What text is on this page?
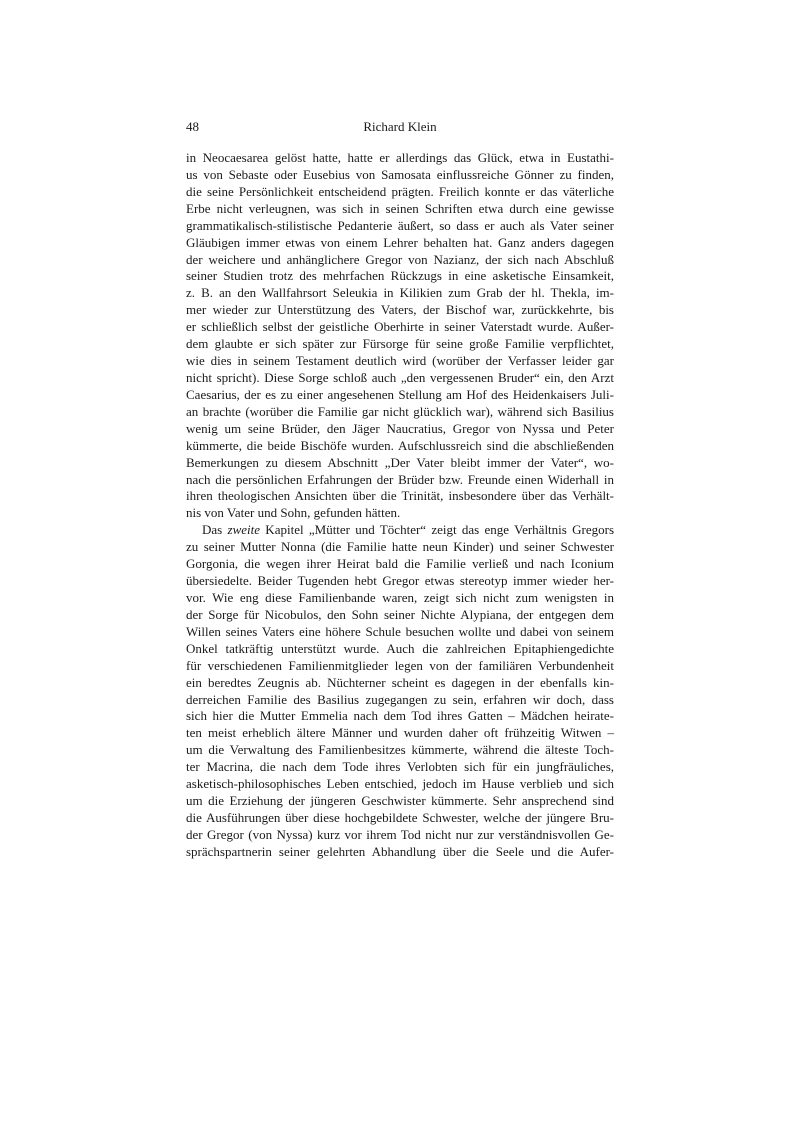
48	Richard Klein
in Neocaesarea gelöst hatte, hatte er allerdings das Glück, etwa in Eustathi-
us von Sebaste oder Eusebius von Samosata einflussreiche Gönner zu finden,
die seine Persönlichkeit entscheidend prägten. Freilich konnte er das väterliche
Erbe nicht verleugnen, was sich in seinen Schriften etwa durch eine gewisse
grammatikalisch-stilistische Pedanterie äußert, so dass er auch als Vater seiner
Gläubigen immer etwas von einem Lehrer behalten hat. Ganz anders dagegen
der weichere und anhänglichere Gregor von Nazianz, der sich nach Abschluß
seiner Studien trotz des mehrfachen Rückzugs in eine asketische Einsamkeit,
z. B. an den Wallfahrsort Seleukia in Kilikien zum Grab der hl. Thekla, im-
mer wieder zur Unterstützung des Vaters, der Bischof war, zurückkehrte, bis
er schließlich selbst der geistliche Oberhirte in seiner Vaterstadt wurde. Außer-
dem glaubte er sich später zur Fürsorge für seine große Familie verpflichtet,
wie dies in seinem Testament deutlich wird (worüber der Verfasser leider gar
nicht spricht). Diese Sorge schloß auch „den vergessenen Bruder“ ein, den Arzt
Caesarius, der es zu einer angesehenen Stellung am Hof des Heidenkaisers Juli-
an brachte (worüber die Familie gar nicht glücklich war), während sich Basilius
wenig um seine Brüder, den Jäger Naucratius, Gregor von Nyssa und Peter
kümmerte, die beide Bischöfe wurden. Aufschlussreich sind die abschließenden
Bemerkungen zu diesem Abschnitt „Der Vater bleibt immer der Vater“, wo-
nach die persönlichen Erfahrungen der Brüder bzw. Freunde einen Widerhall in
ihren theologischen Ansichten über die Trinität, insbesondere über das Verhält-
nis von Vater und Sohn, gefunden hätten.
Das zweite Kapitel „Mütter und Töchter“ zeigt das enge Verhältnis Gregors
zu seiner Mutter Nonna (die Familie hatte neun Kinder) und seiner Schwester
Gorgonia, die wegen ihrer Heirat bald die Familie verließ und nach Iconium
übersiedelte. Beider Tugenden hebt Gregor etwas stereotyp immer wieder her-
vor. Wie eng diese Familienbande waren, zeigt sich nicht zum wenigsten in
der Sorge für Nicobulos, den Sohn seiner Nichte Alypiana, der entgegen dem
Willen seines Vaters eine höhere Schule besuchen wollte und dabei von seinem
Onkel tatkräftig unterstützt wurde. Auch die zahlreichen Epitaphiengedichte
für verschiedenen Familienmitglieder legen von der familiären Verbundenheit
ein beredtes Zeugnis ab. Nüchterner scheint es dagegen in der ebenfalls kin-
derreichen Familie des Basilius zugegangen zu sein, erfahren wir doch, dass
sich hier die Mutter Emmelia nach dem Tod ihres Gatten – Mädchen heirate-
ten meist erheblich ältere Männer und wurden daher oft frühzeitig Witwen –
um die Verwaltung des Familienbesitzes kümmerte, während die älteste Toch-
ter Macrina, die nach dem Tode ihres Verlobten sich für ein jungfräuliches,
asketisch-philosophisches Leben entschied, jedoch im Hause verblieb und sich
um die Erziehung der jüngeren Geschwister kümmerte. Sehr ansprechend sind
die Ausführungen über diese hochgebildete Schwester, welche der jüngere Bru-
der Gregor (von Nyssa) kurz vor ihrem Tod nicht nur zur verständnisvollen Ge-
sprächspartnerin seiner gelehrten Abhandlung über die Seele und die Aufer-
